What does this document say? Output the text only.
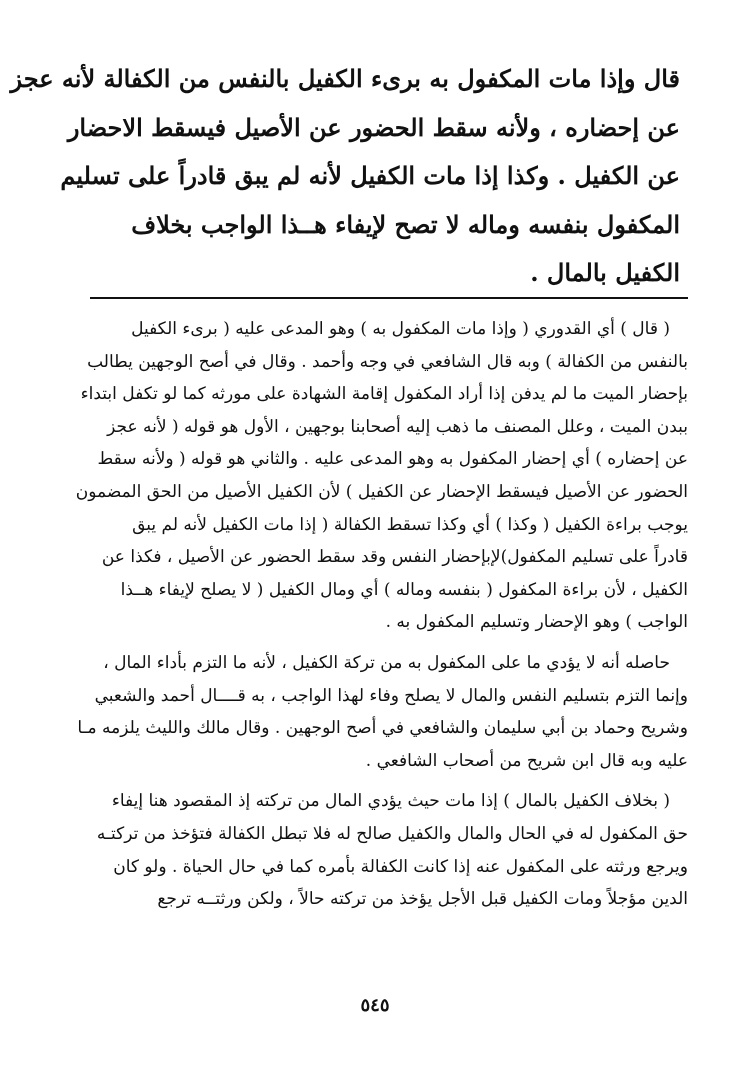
قال وإذا مات المكفول به برىء الكفيل بالنفس من الكفالة لأنه عجز
عن إحضاره ، ولأنه سقط الحضور عن الأصيل فيسقط الاحضار
عن الكفيل . وكذا إذا مات الكفيل لأنه لم يبق قادراً على تسليم
المكفول بنفسه وماله لا تصح لإيفاء هــذا الواجب بخلاف
الكفيل بالمال .
( قال ) أي القدوري ( وإذا مات المكفول به ) وهو المدعى عليه ( برىء الكفيل
بالنفس من الكفالة ) وبه قال الشافعي في وجه وأحمد . وقال في أصح الوجهين يطالب
بإحضار الميت ما لم يدفن إذا أراد المكفول إقامة الشهادة على مورثه كما لو تكفل ابتداء
ببدن الميت ، وعلل المصنف ما ذهب إليه أصحابنا بوجهين ، الأول هو قوله ( لأنه عجز
عن إحضاره ) أي إحضار المكفول به وهو المدعى عليه . والثاني هو قوله ( ولأنه سقط
الحضور عن الأصيل فيسقط الإحضار عن الكفيل ) لأن الكفيل الأصيل من الحق المضمون
يوجب براءة الكفيل ( وكذا ) أي وكذا تسقط الكفالة ( إذا مات الكفيل لأنه لم يبق
قادراً على تسليم المكفول)لإبإحضار النفس وقد سقط الحضور عن الأصيل ، فكذا عن
الكفيل ، لأن براءة المكفول ( بنفسه وماله ) أي ومال الكفيل ( لا يصلح لإيفاء هــذا
الواجب ) وهو الإحضار وتسليم المكفول به .
حاصله أنه لا يؤدي ما على المكفول به من تركة الكفيل ، لأنه ما التزم بأداء المال ،
وإنما التزم بتسليم النفس والمال لا يصلح وفاء لهذا الواجب ، به قــــال أحمد والشعبي
وشريح وحماد بن أبي سليمان والشافعي في أصح الوجهين . وقال مالك والليث يلزمه مـا
عليه وبه قال ابن شريح من أصحاب الشافعي .
( بخلاف الكفيل بالمال ) إذا مات حيث يؤدي المال من تركته إذ المقصود هنا إيفاء
حق المكفول له في الحال والمال والكفيل صالح له فلا تبطل الكفالة فتؤخذ من تركتـه
ويرجع ورثته على المكفول عنه إذا كانت الكفالة بأمره كما في حال الحياة . ولو كان
الدين مؤجلاً ومات الكفيل قبل الأجل يؤخذ من تركته حالاً ، ولكن ورثتــه ترجع
٥٤٥
